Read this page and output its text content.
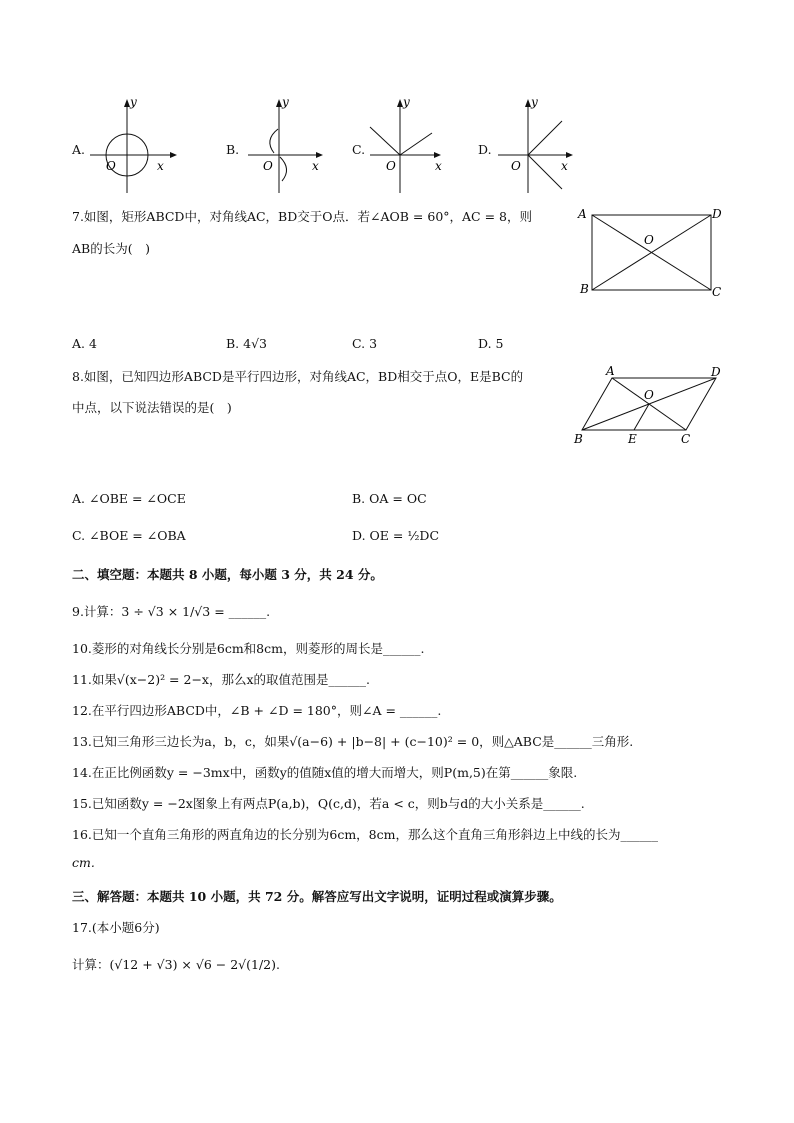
A.
y
x
O
B.
y
x
O
C.
y
x
O
D.
y
x
O
7.如图，矩形ABCD中，对角线AC，BD交于O点．若∠AOB = 60°，AC = 8，则
AB的长为(　)
A	D
B	C
O
A. 4	B. 4√3	C. 3	D. 5
8.如图，已知四边形ABCD是平行四边形，对角线AC，BD相交于点O，E是BC的
中点，以下说法错误的是(　)
A	D
B	C
E
O
A. ∠OBE = ∠OCE	B. OA = OC
C. ∠BOE = ∠OBA	D. OE = ½DC
二、填空题：本题共 8 小题，每小题 3 分，共 24 分。
9.计算：3 ÷ √3 × 1/√3 = ______.
10.菱形的对角线长分别是6cm和8cm，则菱形的周长是______.
11.如果√(x−2)² = 2−x，那么x的取值范围是______.
12.在平行四边形ABCD中，∠B + ∠D = 180°，则∠A = ______.
13.已知三角形三边长为a，b，c，如果√(a−6) + |b−8| + (c−10)² = 0，则△ABC是______三角形.
14.在正比例函数y = −3mx中，函数y的值随x值的增大而增大，则P(m,5)在第______象限.
15.已知函数y = −2x图象上有两点P(a,b)，Q(c,d)，若a < c，则b与d的大小关系是______.
16.已知一个直角三角形的两直角边的长分别为6cm，8cm，那么这个直角三角形斜边上中线的长为______
cm.
三、解答题：本题共 10 小题，共 72 分。解答应写出文字说明，证明过程或演算步骤。
17.(本小题6分)
计算：(√12 + √3) × √6 − 2√(1/2).
